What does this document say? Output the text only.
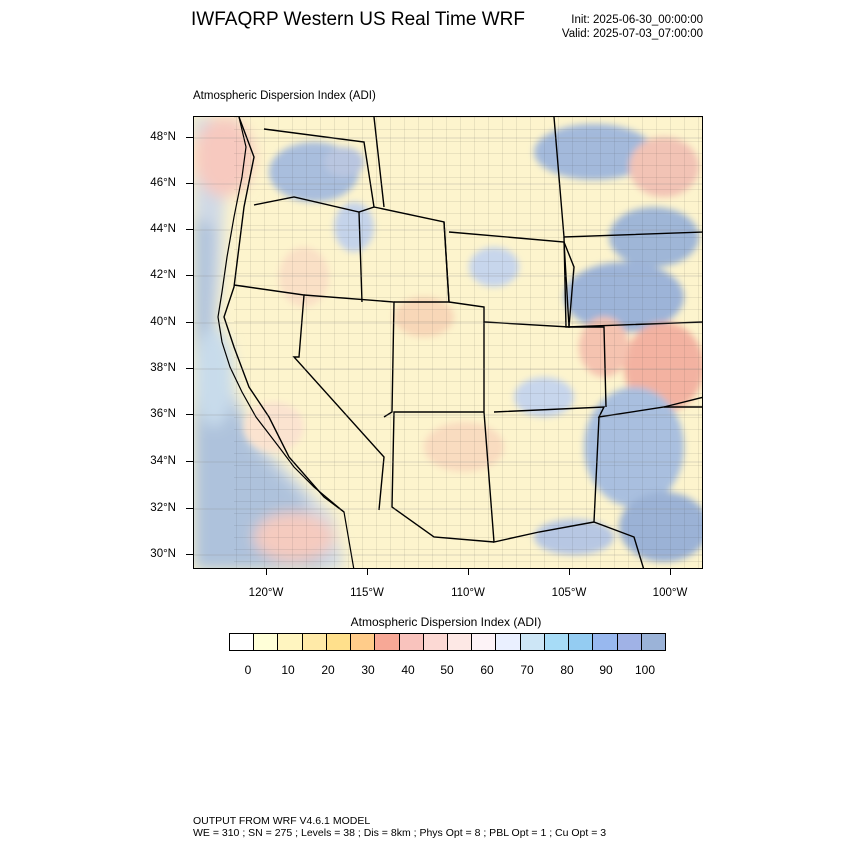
IWFAQRP Western US Real Time WRF	Init: 2025-06-30_00:00:00
Valid: 2025-07-03_07:00:00
Atmospheric Dispersion Index (ADI)
48°N
46°N
44°N
42°N
40°N
38°N
36°N
34°N
32°N
30°N
120°W	115°W	110°W	105°W	100°W
Atmospheric Dispersion Index (ADI)
0 10 20 30 40 50 60 70 80 90 100
OUTPUT FROM WRF V4.6.1 MODEL
WE = 310 ; SN = 275 ; Levels = 38 ; Dis = 8km ; Phys Opt = 8 ; PBL Opt = 1 ; Cu Opt = 3
